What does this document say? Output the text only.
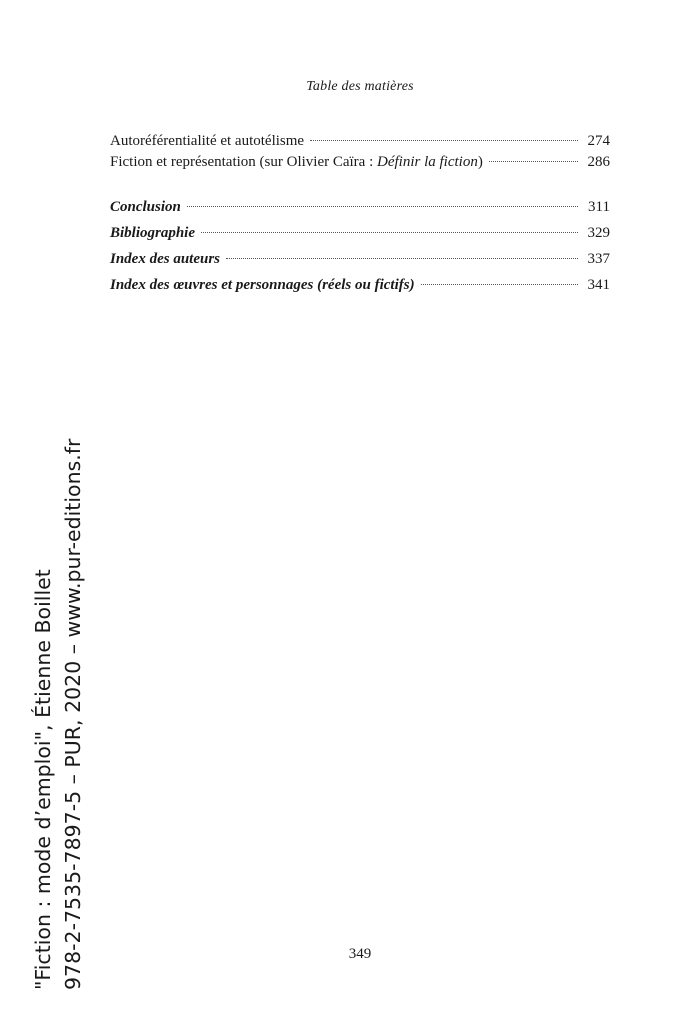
Table des matières
Autoréférentialité et autotélisme	274
Fiction et représentation (sur Olivier Caïra : Définir la fiction)	286
Conclusion	311
Bibliographie	329
Index des auteurs	337
Index des œuvres et personnages (réels ou fictifs)	341
349
"Fiction : mode d’emploi", Étienne Boillet 978-2-7535-7897-5 – PUR, 2020 – www.pur-editions.fr
